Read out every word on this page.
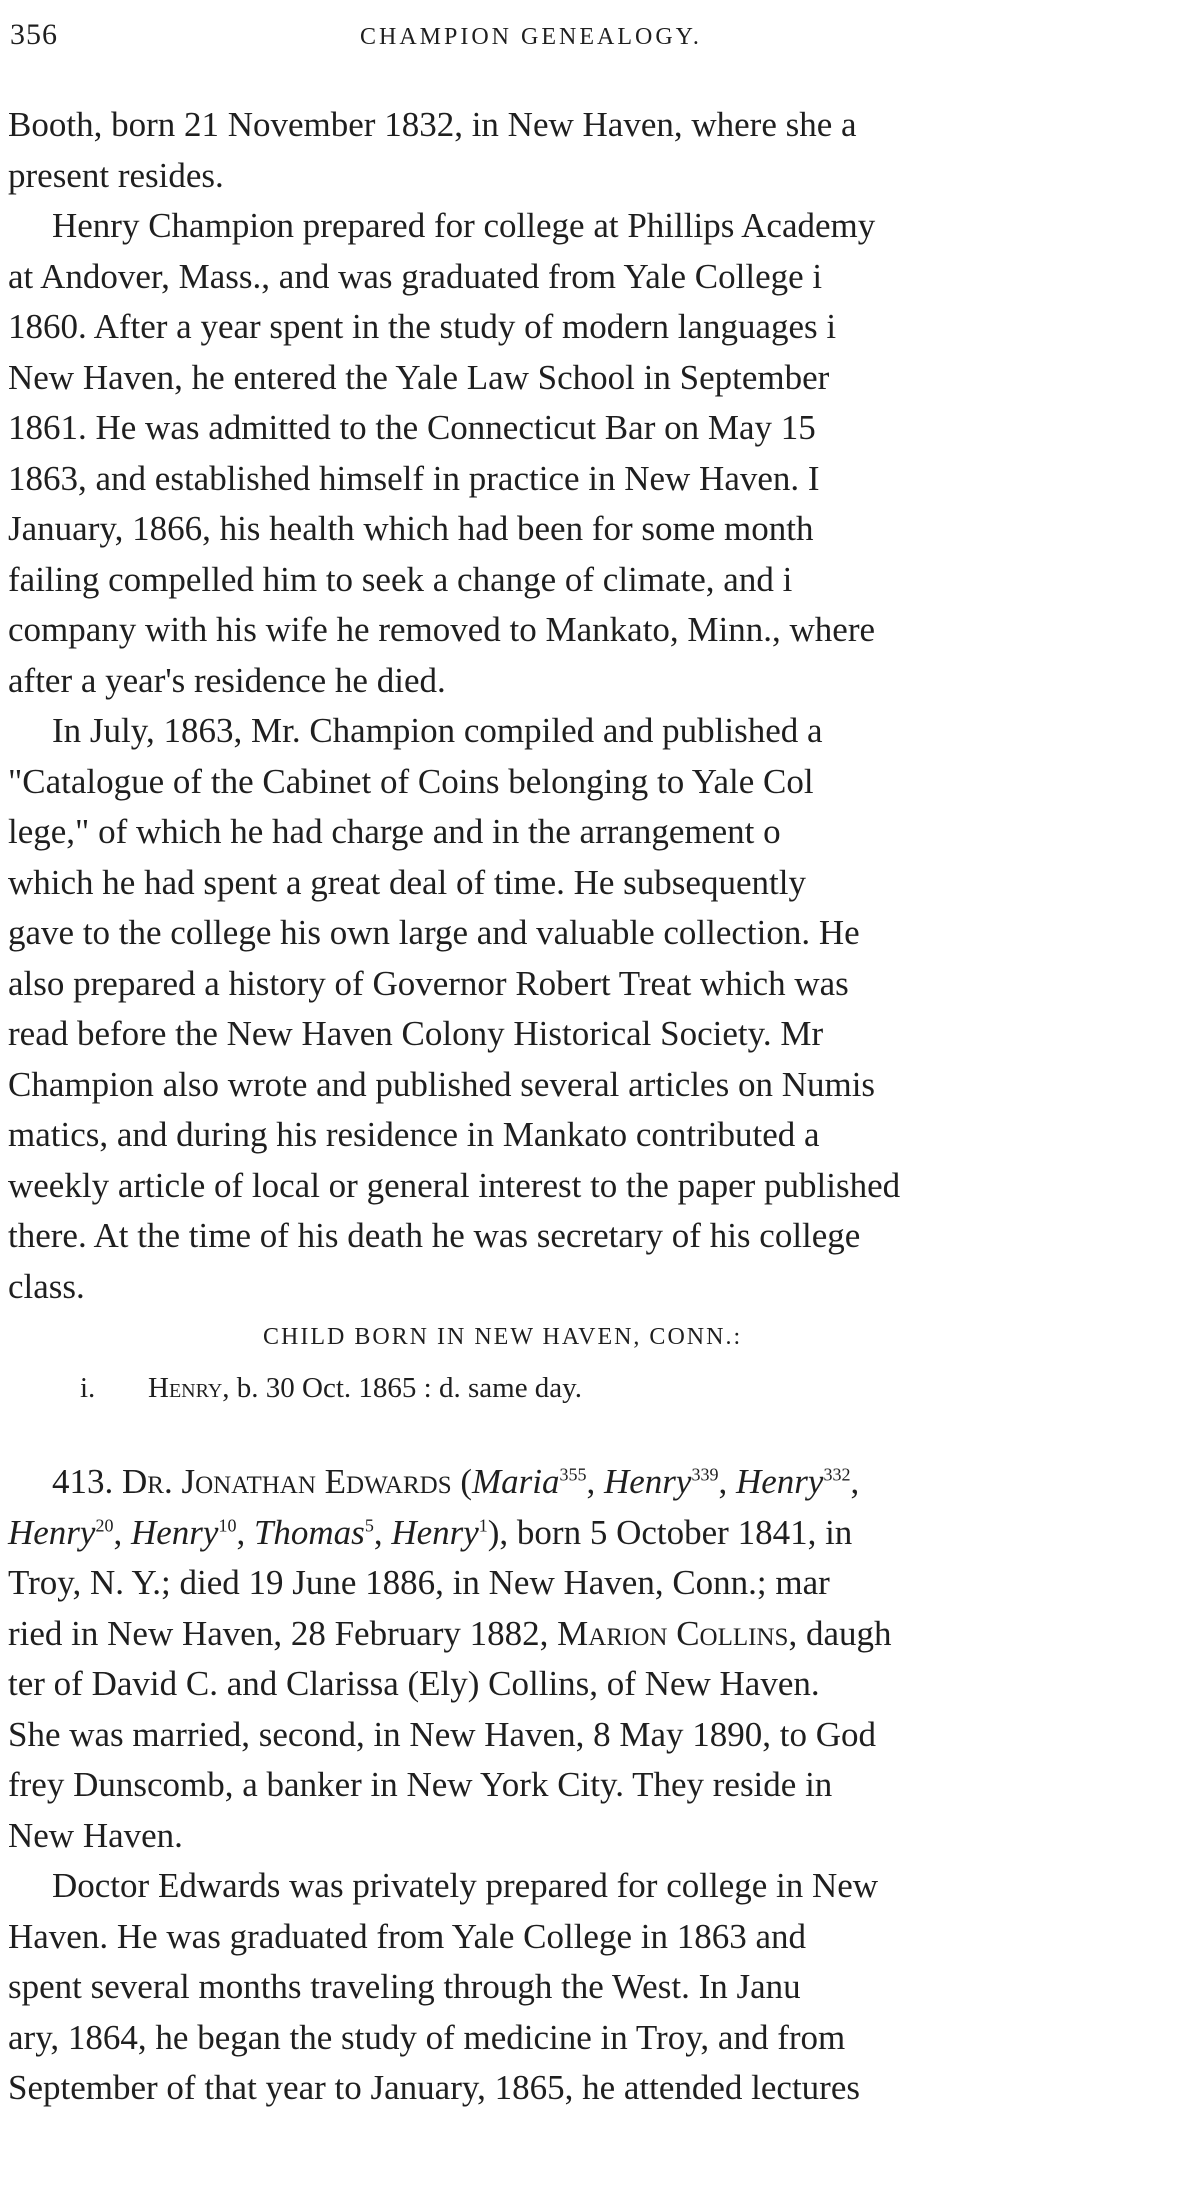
356	CHAMPION GENEALOGY.
Booth, born 21 November 1832, in New Haven, where she a
present resides.
Henry Champion prepared for college at Phillips Academy
at Andover, Mass., and was graduated from Yale College i
1860. After a year spent in the study of modern languages i
New Haven, he entered the Yale Law School in September
1861. He was admitted to the Connecticut Bar on May 15
1863, and established himself in practice in New Haven. I
January, 1866, his health which had been for some month
failing compelled him to seek a change of climate, and i
company with his wife he removed to Mankato, Minn., where
after a year's residence he died.
In July, 1863, Mr. Champion compiled and published a
"Catalogue of the Cabinet of Coins belonging to Yale Col
lege," of which he had charge and in the arrangement o
which he had spent a great deal of time. He subsequently
gave to the college his own large and valuable collection. He
also prepared a history of Governor Robert Treat which was
read before the New Haven Colony Historical Society. Mr
Champion also wrote and published several articles on Numis
matics, and during his residence in Mankato contributed a
weekly article of local or general interest to the paper published
there. At the time of his death he was secretary of his college
class.
CHILD BORN IN NEW HAVEN, CONN.:
i. Henry, b. 30 Oct. 1865 : d. same day.
413. Dr. Jonathan Edwards (Maria$^{355}$, Henry$^{339}$, Henry$^{332}$,
Henry$^{20}$, Henry$^{10}$, Thomas$^5$, Henry$^1$), born 5 October 1841, in
Troy, N. Y.; died 19 June 1886, in New Haven, Conn.; mar
ried in New Haven, 28 February 1882, Marion Collins, daugh
ter of David C. and Clarissa (Ely) Collins, of New Haven.
She was married, second, in New Haven, 8 May 1890, to God
frey Dunscomb, a banker in New York City. They reside in
New Haven.
Doctor Edwards was privately prepared for college in New
Haven. He was graduated from Yale College in 1863 and
spent several months traveling through the West. In Janu
ary, 1864, he began the study of medicine in Troy, and from
September of that year to January, 1865, he attended lectures
